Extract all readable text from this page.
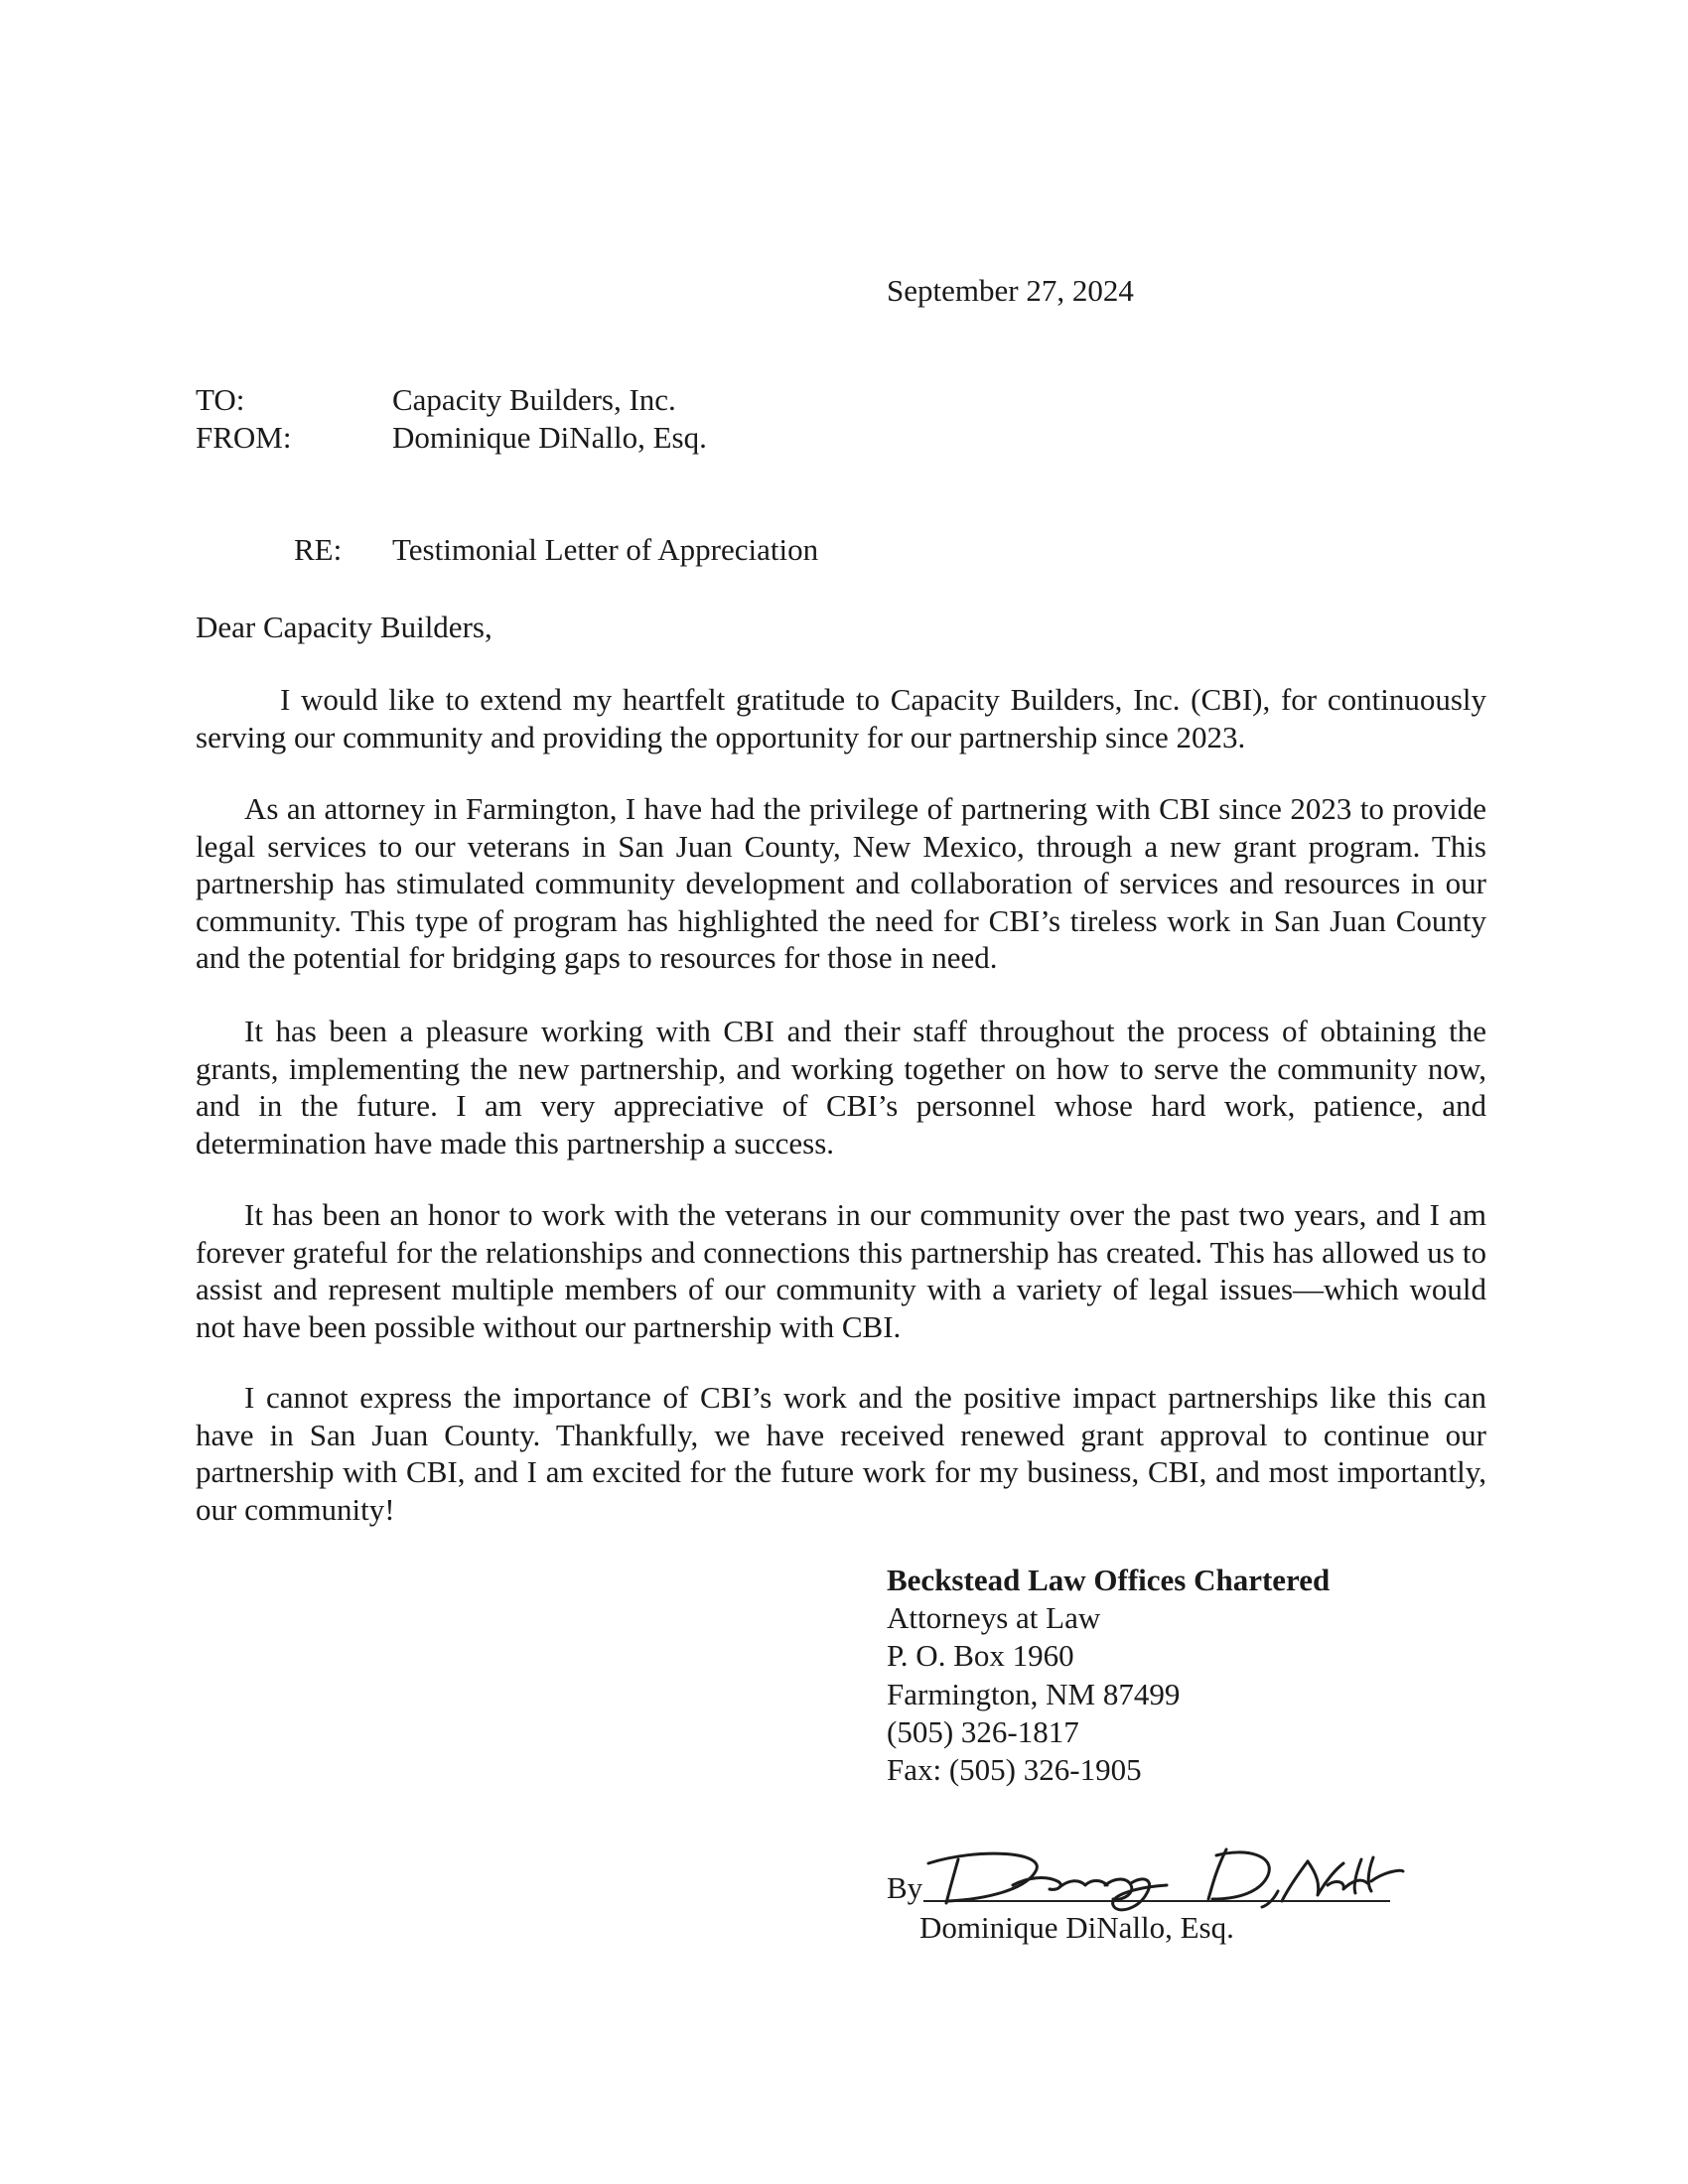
September 27, 2024
TO:	Capacity Builders, Inc.
FROM:	Dominique DiNallo, Esq.
RE: Testimonial Letter of Appreciation
Dear Capacity Builders,

I would like to extend my heartfelt gratitude to Capacity Builders, Inc. (CBI), for continuously serving our community and providing the opportunity for our partnership since 2023.

As an attorney in Farmington, I have had the privilege of partnering with CBI since 2023 to provide legal services to our veterans in San Juan County, New Mexico, through a new grant program. This partnership has stimulated community development and collaboration of services and resources in our community. This type of program has highlighted the need for CBI’s tireless work in San Juan County and the potential for bridging gaps to resources for those in need.

It has been a pleasure working with CBI and their staff throughout the process of obtaining the grants, implementing the new partnership, and working together on how to serve the community now, and in the future. I am very appreciative of CBI’s personnel whose hard work, patience, and determination have made this partnership a success.

It has been an honor to work with the veterans in our community over the past two years, and I am forever grateful for the relationships and connections this partnership has created. This has allowed us to assist and represent multiple members of our community with a variety of legal issues—which would not have been possible without our partnership with CBI.

I cannot express the importance of CBI’s work and the positive impact partnerships like this can have in San Juan County. Thankfully, we have received renewed grant approval to continue our partnership with CBI, and I am excited for the future work for my business, CBI, and most importantly, our community!

Beckstead Law Offices Chartered
Attorneys at Law
P. O. Box 1960
Farmington, NM 87499
(505) 326-1817
Fax: (505) 326-1905
By
Dominique DiNallo, Esq.
